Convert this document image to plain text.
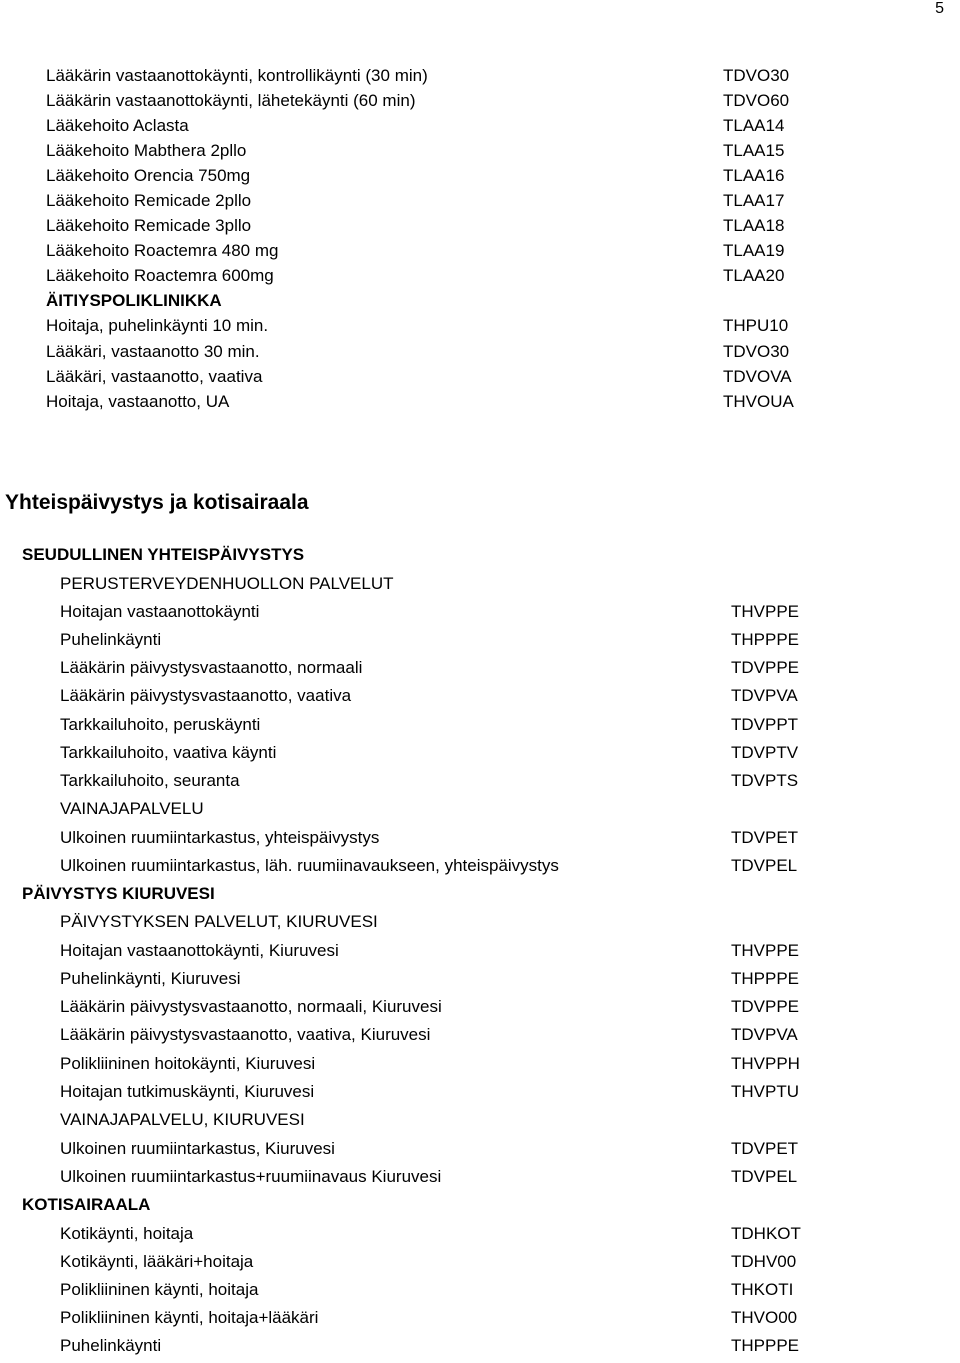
5
Lääkärin vastaanottokäynti, kontrollikäynti (30 min)	TDVO30
Lääkärin vastaanottokäynti, lähetekäynti (60 min)	TDVO60
Lääkehoito Aclasta	TLAA14
Lääkehoito Mabthera 2pllo	TLAA15
Lääkehoito Orencia 750mg	TLAA16
Lääkehoito Remicade 2pllo	TLAA17
Lääkehoito Remicade 3pllo	TLAA18
Lääkehoito Roactemra 480 mg	TLAA19
Lääkehoito Roactemra 600mg	TLAA20
ÄITIYSPOLIKLINIKKA
Hoitaja, puhelinkäynti 10 min.	THPU10
Lääkäri, vastaanotto 30 min.	TDVO30
Lääkäri, vastaanotto, vaativa	TDVOVA
Hoitaja, vastaanotto, UA	THVOUA
Yhteispäivystys ja kotisairaala
SEUDULLINEN YHTEISPÄIVYSTYS
PERUSTERVEYDENHUOLLON PALVELUT
Hoitajan vastaanottokäynti	THVPPE
Puhelinkäynti	THPPPE
Lääkärin päivystysvastaanotto, normaali	TDVPPE
Lääkärin päivystysvastaanotto, vaativa	TDVPVA
Tarkkailuhoito, peruskäynti	TDVPPT
Tarkkailuhoito, vaativa käynti	TDVPTV
Tarkkailuhoito, seuranta	TDVPTS
VAINAJAPALVELU
Ulkoinen ruumiintarkastus, yhteispäivystys	TDVPET
Ulkoinen ruumiintarkastus, läh. ruumiinavaukseen, yhteispäivystys	TDVPEL
PÄIVYSTYS KIURUVESI
PÄIVYSTYKSEN PALVELUT, KIURUVESI
Hoitajan vastaanottokäynti, Kiuruvesi	THVPPE
Puhelinkäynti, Kiuruvesi	THPPPE
Lääkärin päivystysvastaanotto, normaali, Kiuruvesi	TDVPPE
Lääkärin päivystysvastaanotto, vaativa, Kiuruvesi	TDVPVA
Polikliininen hoitokäynti, Kiuruvesi	THVPPH
Hoitajan tutkimuskäynti, Kiuruvesi	THVPTU
VAINAJAPALVELU, KIURUVESI
Ulkoinen ruumiintarkastus, Kiuruvesi	TDVPET
Ulkoinen ruumiintarkastus+ruumiinavaus Kiuruvesi	TDVPEL
KOTISAIRAALA
Kotikäynti, hoitaja	TDHKOT
Kotikäynti, lääkäri+hoitaja	TDHV00
Polikliininen käynti, hoitaja	THKOTI
Polikliininen käynti, hoitaja+lääkäri	THVO00
Puhelinkäynti	THPPPE
